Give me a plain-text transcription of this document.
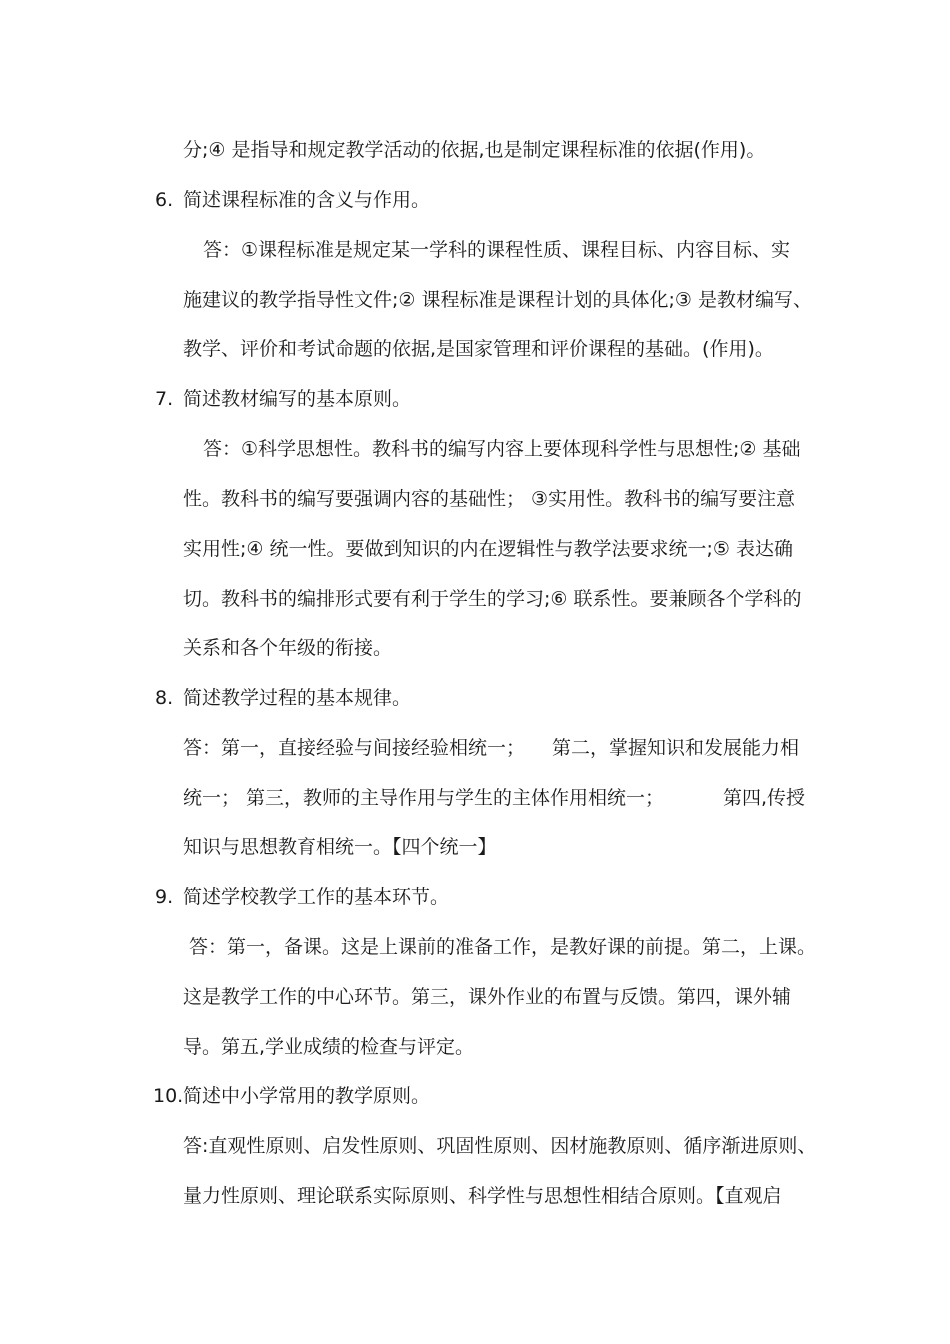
分;④ 是指导和规定教学活动的依据,也是制定课程标准的依据(作用)。
6. 简述课程标准的含义与作用。
答：①课程标准是规定某一学科的课程性质、课程目标、内容目标、实
施建议的教学指导性文件;② 课程标准是课程计划的具体化;③ 是教材编写、
教学、评价和考试命题的依据,是国家管理和评价课程的基础。(作用)。
7. 简述教材编写的基本原则。
答：①科学思想性。教科书的编写内容上要体现科学性与思想性;② 基础
性。教科书的编写要强调内容的基础性； ③实用性。教科书的编写要注意
实用性;④ 统一性。要做到知识的内在逻辑性与教学法要求统一;⑤ 表达确
切。教科书的编排形式要有利于学生的学习;⑥ 联系性。要兼顾各个学科的
关系和各个年级的衔接。
8. 简述教学过程的基本规律。
答：第一，直接经验与间接经验相统一；	第二，掌握知识和发展能力相
统一； 第三，教师的主导作用与学生的主体作用相统一；	第四,传授
知识与思想教育相统一。【四个统一】
9. 简述学校教学工作的基本环节。
答：第一，备课。这是上课前的准备工作，是教好课的前提。第二，上课。
这是教学工作的中心环节。第三，课外作业的布置与反馈。第四，课外辅
导。第五,学业成绩的检查与评定。
10. 简述中小学常用的教学原则。
答:直观性原则、启发性原则、巩固性原则、因材施教原则、循序渐进原则、
量力性原则、理论联系实际原则、科学性与思想性相结合原则。【直观启
